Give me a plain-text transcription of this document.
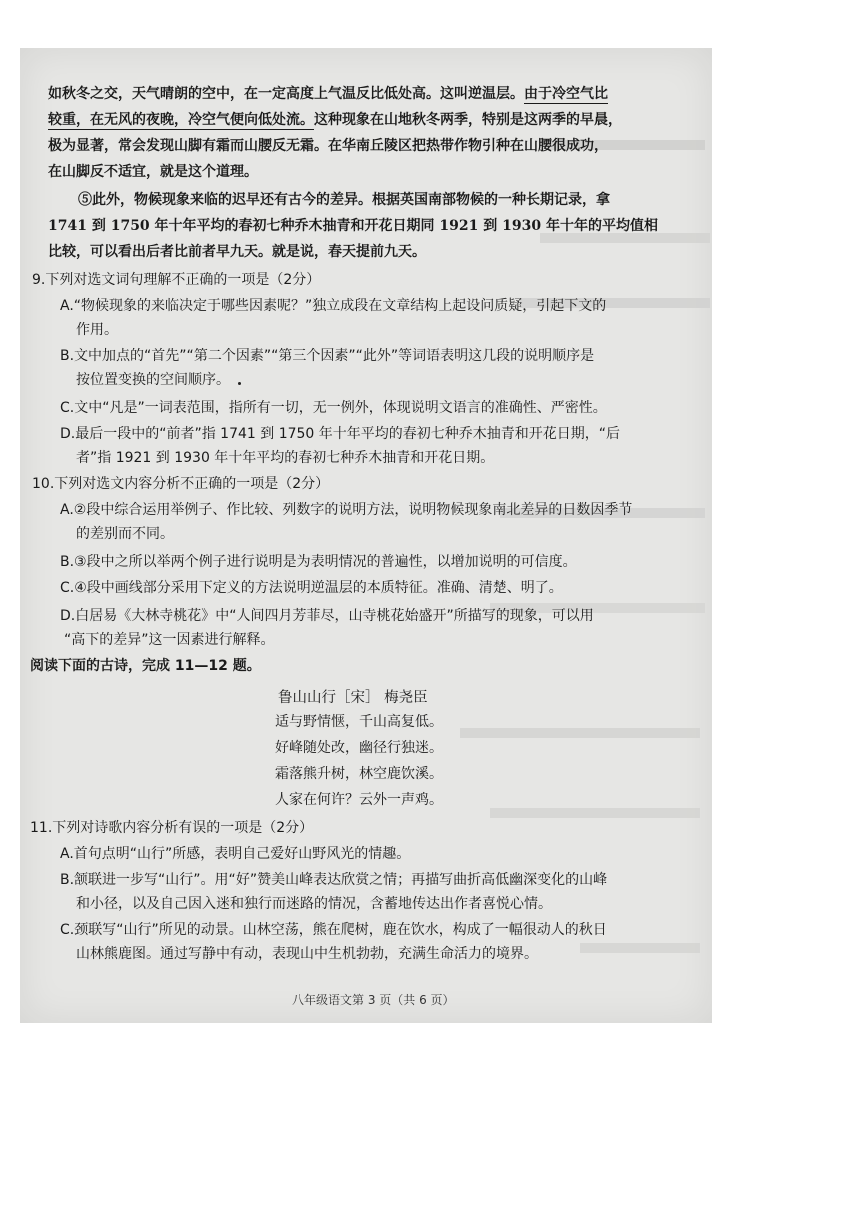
如秋冬之交，天气晴朗的空中，在一定高度上气温反比低处高。这叫逆温层。由于冷空气比
较重，在无风的夜晚，冷空气便向低处流。这种现象在山地秋冬两季，特别是这两季的早晨，
极为显著，常会发现山脚有霜而山腰反无霜。在华南丘陵区把热带作物引种在山腰很成功，
在山脚反不适宜，就是这个道理。
⑤此外，物候现象来临的迟早还有古今的差异。根据英国南部物候的一种长期记录，拿
1741 到 1750 年十年平均的春初七种乔木抽青和开花日期同 1921 到 1930 年十年的平均值相
比较，可以看出后者比前者早九天。就是说，春天提前九天。
9.下列对选文词句理解不正确的一项是（2分）
A.“物候现象的来临决定于哪些因素呢？”独立成段在文章结构上起设问质疑，引起下文的
作用。
B.文中加点的“首先”“第二个因素”“第三个因素”“此外”等词语表明这几段的说明顺序是
按位置变换的空间顺序。
C.文中“凡是”一词表范围，指所有一切，无一例外，体现说明文语言的准确性、严密性。
D.最后一段中的“前者”指 1741 到 1750 年十年平均的春初七种乔木抽青和开花日期，“后
者”指 1921 到 1930 年十年平均的春初七种乔木抽青和开花日期。
10.下列对选文内容分析不正确的一项是（2分）
A.②段中综合运用举例子、作比较、列数字的说明方法，说明物候现象南北差异的日数因季节
的差别而不同。
B.③段中之所以举两个例子进行说明是为表明情况的普遍性，以增加说明的可信度。
C.④段中画线部分采用下定义的方法说明逆温层的本质特征。准确、清楚、明了。
D.白居易《大林寺桃花》中“人间四月芳菲尽，山寺桃花始盛开”所描写的现象，可以用
“高下的差异”这一因素进行解释。
阅读下面的古诗，完成 11—12 题。
鲁山山行［宋］ 梅尧臣
适与野情惬，千山高复低。
好峰随处改，幽径行独迷。
霜落熊升树，林空鹿饮溪。
人家在何许？云外一声鸡。
11.下列对诗歌内容分析有误的一项是（2分）
A.首句点明“山行”所感，表明自己爱好山野风光的情趣。
B.颔联进一步写“山行”。用“好”赞美山峰表达欣赏之情；再描写曲折高低幽深变化的山峰
和小径，以及自己因入迷和独行而迷路的情况，含蓄地传达出作者喜悦心情。
C.颈联写“山行”所见的动景。山林空荡，熊在爬树，鹿在饮水，构成了一幅很动人的秋日
山林熊鹿图。通过写静中有动，表现山中生机勃勃，充满生命活力的境界。
八年级语文第 3 页（共 6 页）
